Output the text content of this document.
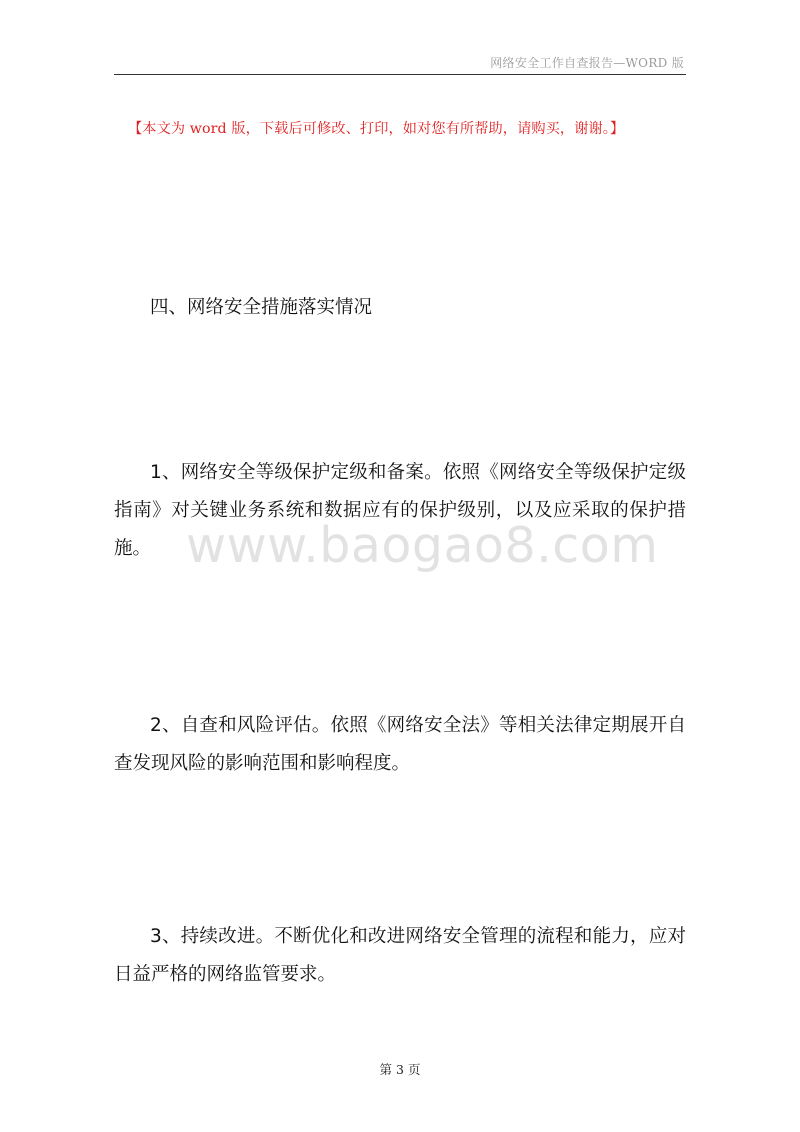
网络安全工作自查报告—WORD 版
【本文为 word 版，下载后可修改、打印，如对您有所帮助，请购买，谢谢。】
四、网络安全措施落实情况

1、网络安全等级保护定级和备案。依照《网络安全等级保护定级指南》对关键业务系统和数据应有的保护级别，以及应采取的保护措施。

2、自查和风险评估。依照《网络安全法》等相关法律定期展开自查发现风险的影响范围和影响程度。

3、持续改进。不断优化和改进网络安全管理的流程和能力，应对日益严格的网络监管要求。

www.baogao8.com
第 3 页
